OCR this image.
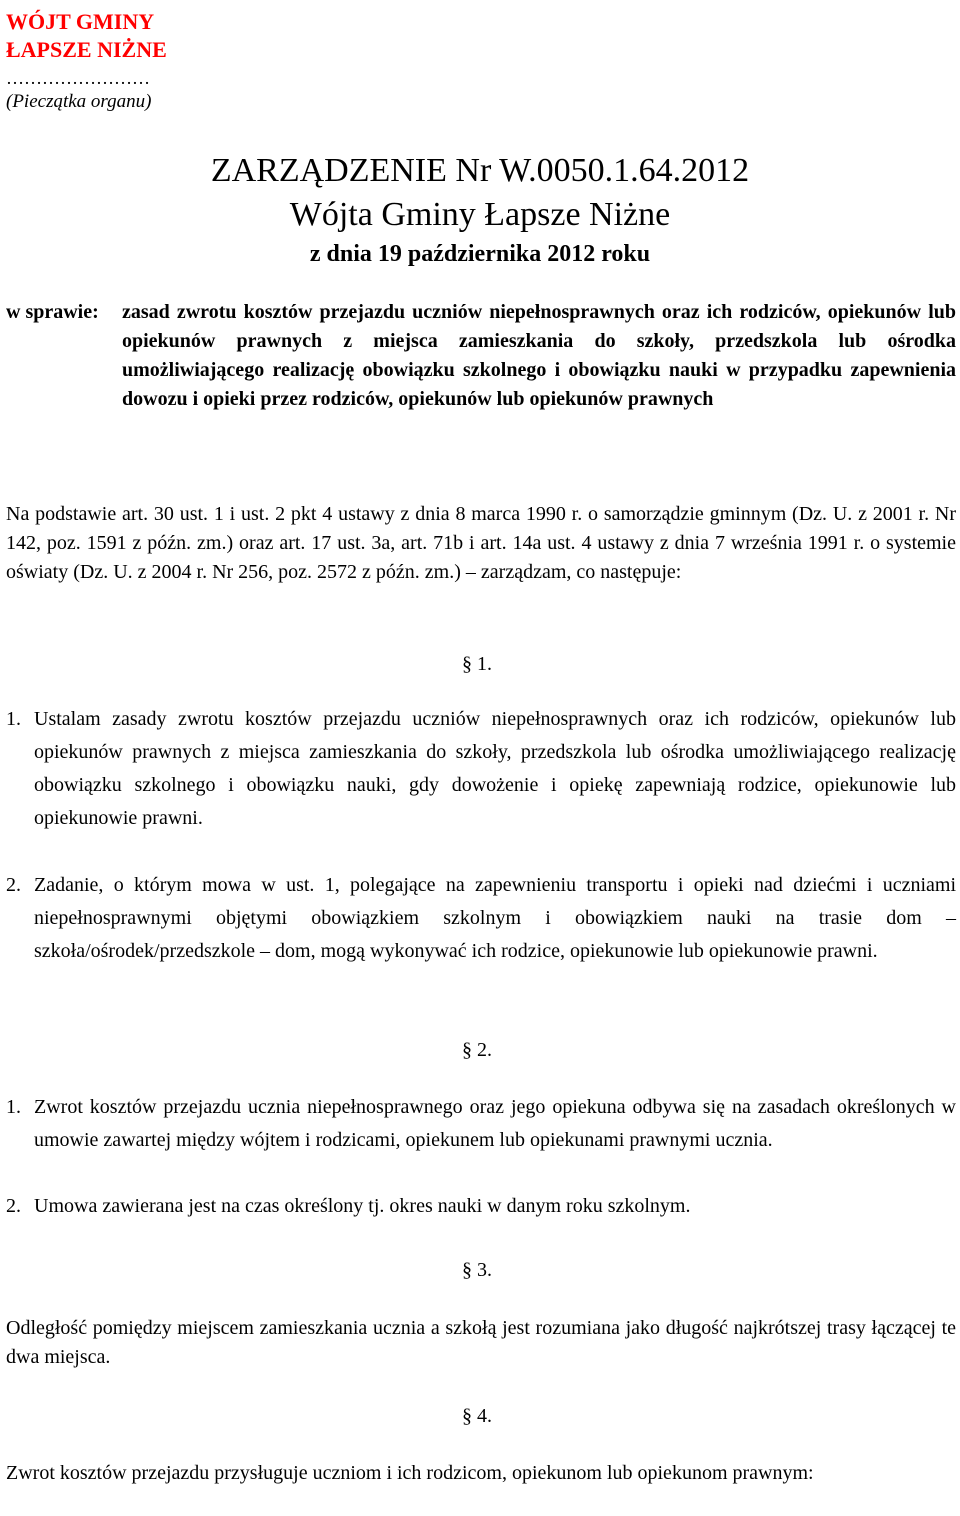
WÓJT GMINY
ŁAPSZE NIŻNE
……………………
(Pieczątka organu)
ZARZĄDZENIE Nr W.0050.1.64.2012
Wójta Gminy Łapsze Niżne
z dnia 19 października 2012 roku
w sprawie:	zasad zwrotu kosztów przejazdu uczniów niepełnosprawnych oraz ich rodziców, opiekunów lub opiekunów prawnych z miejsca zamieszkania do szkoły, przedszkola lub ośrodka umożliwiającego realizację obowiązku szkolnego i obowiązku nauki w przypadku zapewnienia dowozu i opieki przez rodziców, opiekunów lub opiekunów prawnych
Na podstawie art. 30 ust. 1 i ust. 2 pkt 4 ustawy z dnia 8 marca 1990 r. o samorządzie gminnym (Dz. U. z 2001 r. Nr 142, poz. 1591 z późn. zm.) oraz art. 17 ust. 3a, art. 71b i art. 14a ust. 4 ustawy z dnia 7 września 1991 r. o systemie oświaty (Dz. U. z 2004 r. Nr 256, poz. 2572 z późn. zm.) – zarządzam, co następuje:
§ 1.
1. Ustalam zasady zwrotu kosztów przejazdu uczniów niepełnosprawnych oraz ich rodziców, opiekunów lub opiekunów prawnych z miejsca zamieszkania do szkoły, przedszkola lub ośrodka umożliwiającego realizację obowiązku szkolnego i obowiązku nauki, gdy dowożenie i opiekę zapewniają rodzice, opiekunowie lub opiekunowie prawni.
2. Zadanie, o którym mowa w ust. 1, polegające na zapewnieniu transportu i opieki nad dziećmi i uczniami niepełnosprawnymi objętymi obowiązkiem szkolnym i obowiązkiem nauki na trasie dom – szkoła/ośrodek/przedszkole – dom, mogą wykonywać ich rodzice, opiekunowie lub opiekunowie prawni.
§ 2.
1. Zwrot kosztów przejazdu ucznia niepełnosprawnego oraz jego opiekuna odbywa się na zasadach określonych w umowie zawartej między wójtem i rodzicami, opiekunem lub opiekunami prawnymi ucznia.
2. Umowa zawierana jest na czas określony tj. okres nauki w danym roku szkolnym.
§ 3.
Odległość pomiędzy miejscem zamieszkania ucznia a szkołą jest rozumiana jako długość najkrótszej trasy łączącej te dwa miejsca.
§ 4.
Zwrot kosztów przejazdu przysługuje uczniom i ich rodzicom, opiekunom lub opiekunom prawnym:
